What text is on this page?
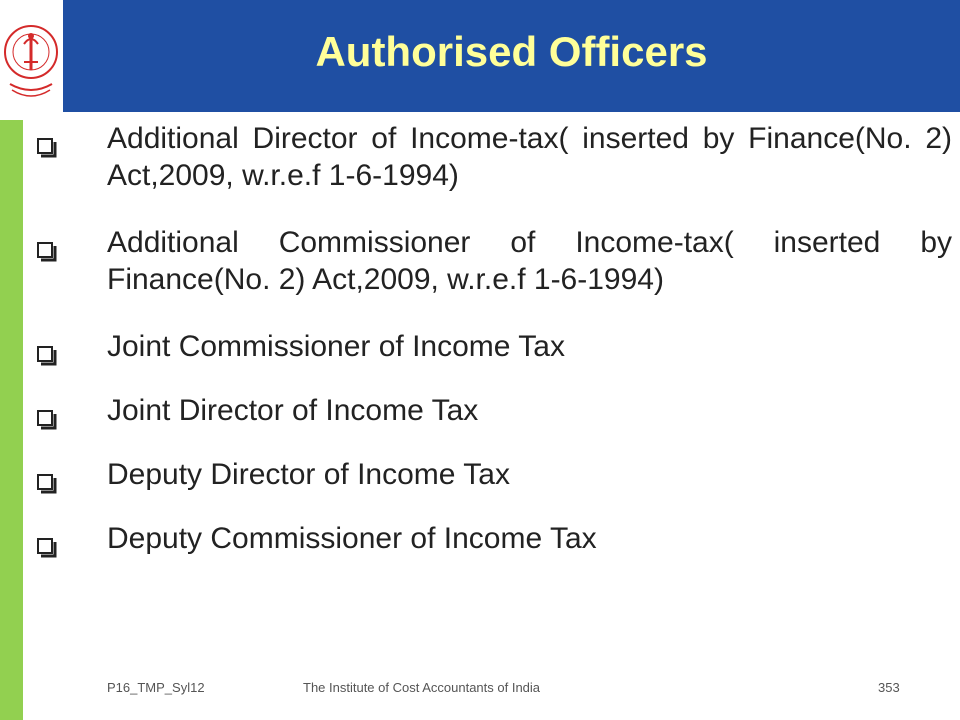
Authorised Officers
Additional Director of Income-tax( inserted by Finance(No. 2) Act,2009, w.r.e.f 1-6-1994)
Additional Commissioner of Income-tax( inserted by Finance(No. 2) Act,2009, w.r.e.f 1-6-1994)
Joint Commissioner of Income Tax
Joint Director of Income Tax
Deputy Director of Income Tax
Deputy Commissioner of Income Tax
P16_TMP_Syl12	The Institute of Cost Accountants of India	353
